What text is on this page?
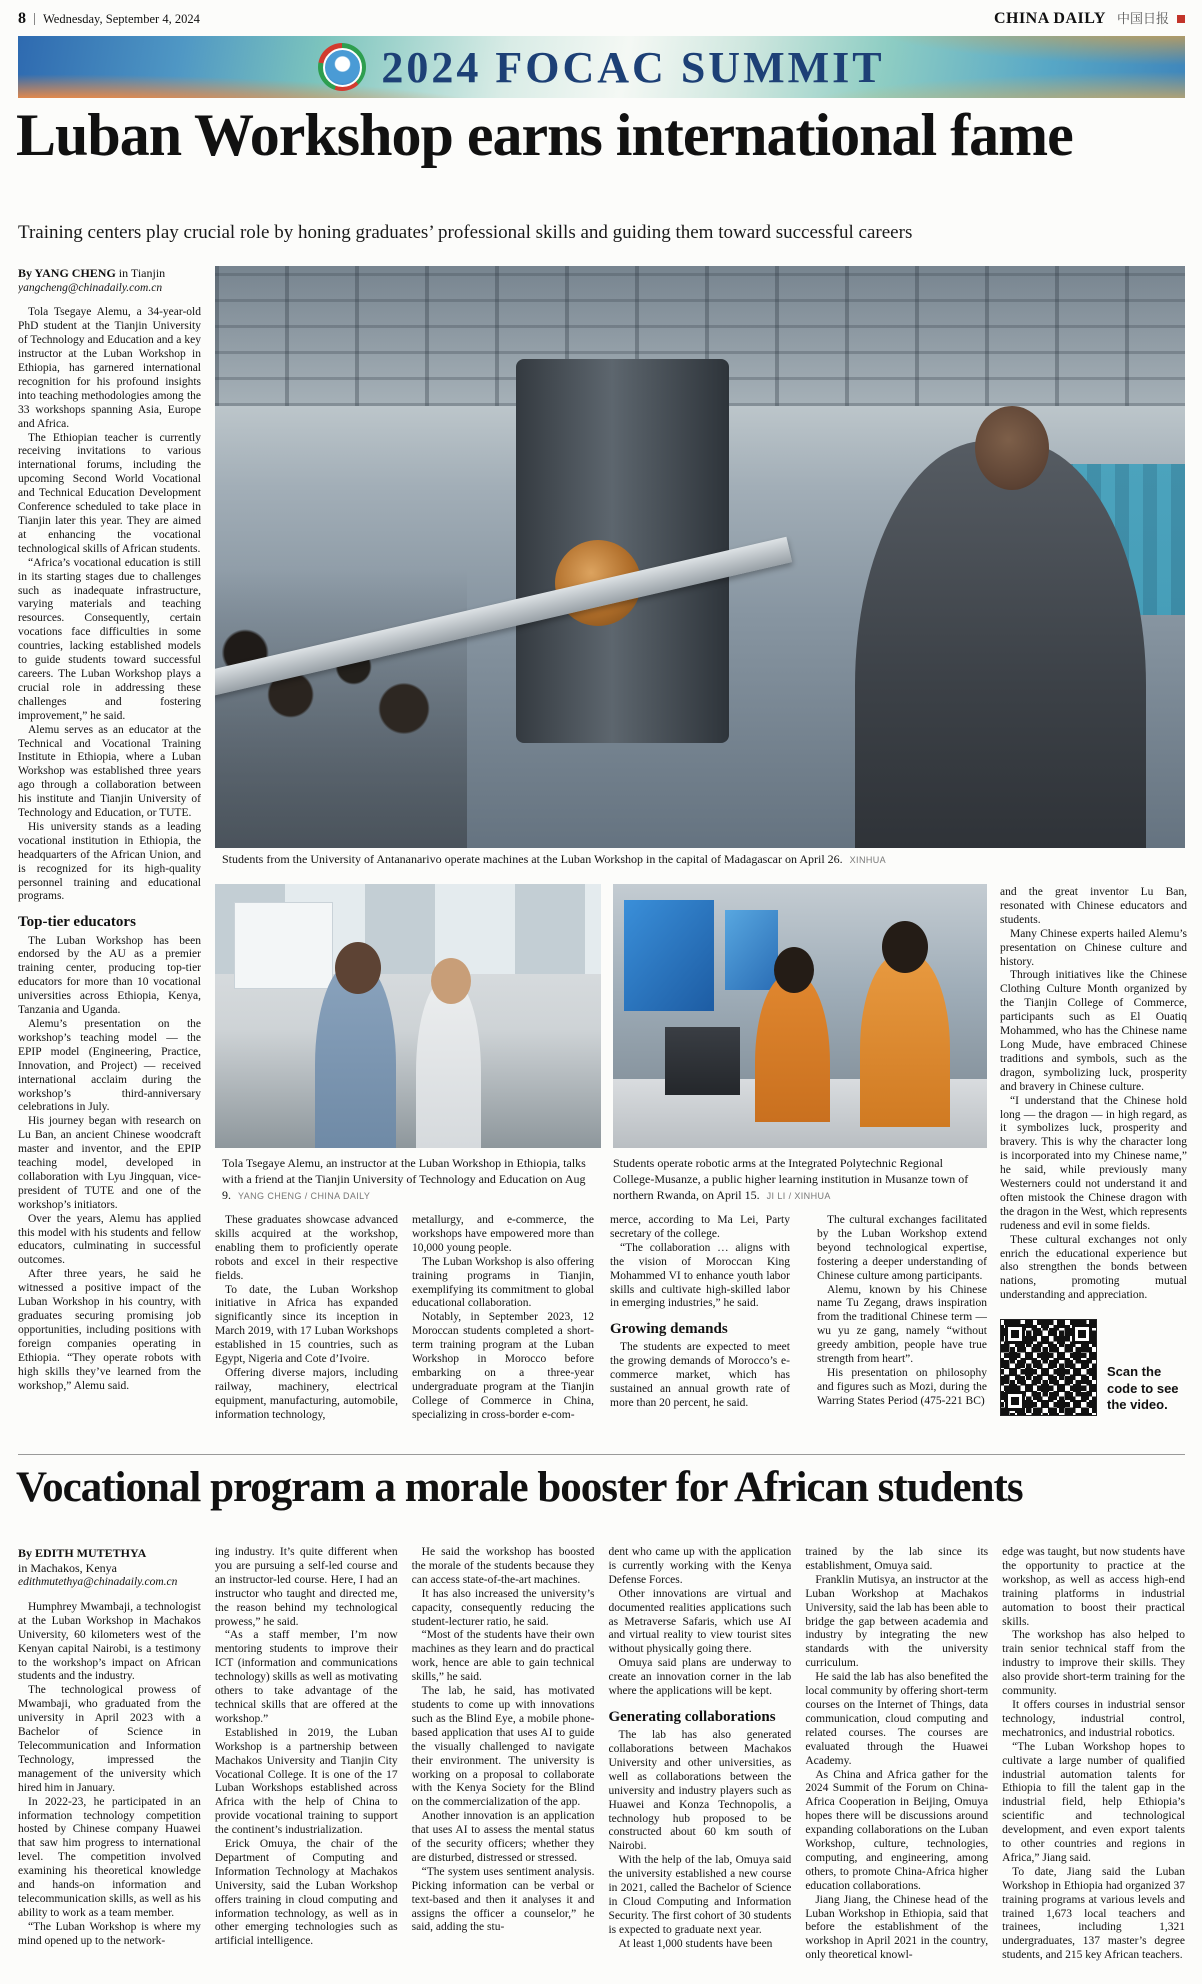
8 Wednesday, September 4, 2024	CHINA DAILY 中国日报
2024 FOCAC SUMMIT
Luban Workshop earns international fame

Training centers play crucial role by honing graduates’ professional skills and guiding them toward successful careers

By YANG CHENG in Tianjin
yangcheng@chinadaily.com.cn

Tola Tsegaye Alemu, a 34-year-old PhD student at the Tianjin University of Technology and Education and a key instructor at the Luban Workshop in Ethiopia, has garnered international recognition for his profound insights into teaching methodologies among the 33 workshops spanning Asia, Europe and Africa.

The Ethiopian teacher is currently receiving invitations to various international forums, including the upcoming Second World Vocational and Technical Education Development Conference scheduled to take place in Tianjin later this year. They are aimed at enhancing the vocational technological skills of African students.

“Africa’s vocational education is still in its starting stages due to challenges such as inadequate infrastructure, varying materials and teaching resources. Consequently, certain vocations face difficulties in some countries, lacking established models to guide students toward successful careers. The Luban Workshop plays a crucial role in addressing these challenges and fostering improvement,” he said.

Alemu serves as an educator at the Technical and Vocational Training Institute in Ethiopia, where a Luban Workshop was established three years ago through a collaboration between his institute and Tianjin University of Technology and Education, or TUTE.

His university stands as a leading vocational institution in Ethiopia, the headquarters of the African Union, and is recognized for its high-quality personnel training and educational programs.

Top-tier educators

The Luban Workshop has been endorsed by the AU as a premier training center, producing top-tier educators for more than 10 vocational universities across Ethiopia, Kenya, Tanzania and Uganda.

Alemu’s presentation on the workshop’s teaching model — the EPIP model (Engineering, Practice, Innovation, and Project) — received international acclaim during the workshop’s third-anniversary celebrations in July.

His journey began with research on Lu Ban, an ancient Chinese woodcraft master and inventor, and the EPIP teaching model, developed in collaboration with Lyu Jingquan, vice-president of TUTE and one of the workshop’s initiators.

Over the years, Alemu has applied this model with his students and fellow educators, culminating in successful outcomes.

After three years, he said he witnessed a positive impact of the Luban Workshop in his country, with graduates securing promising job opportunities, including positions with foreign companies operating in Ethiopia. “They operate robots with high skills they’ve learned from the workshop,” Alemu said.

Students from the University of Antananarivo operate machines at the Luban Workshop in the capital of Madagascar on April 26. XINHUA
Tola Tsegaye Alemu, an instructor at the Luban Workshop in Ethiopia, talks with a friend at the Tianjin University of Technology and Education on Aug 9. YANG CHENG / CHINA DAILY
Students operate robotic arms at the Integrated Polytechnic Regional College-Musanze, a public higher learning institution in Musanze town of northern Rwanda, on April 15. JI LI / XINHUA

and the great inventor Lu Ban, resonated with Chinese educators and students.

Many Chinese experts hailed Alemu’s presentation on Chinese culture and history.

Through initiatives like the Chinese Clothing Culture Month organized by the Tianjin College of Commerce, participants such as El Ouatiq Mohammed, who has the Chinese name Long Mude, have embraced Chinese traditions and symbols, such as the dragon, symbolizing luck, prosperity and bravery in Chinese culture.

“I understand that the Chinese hold long — the dragon — in high regard, as it symbolizes luck, prosperity and bravery. This is why the character long is incorporated into my Chinese name,” he said, while previously many Westerners could not understand it and often mistook the Chinese dragon with the dragon in the West, which represents rudeness and evil in some fields.

These cultural exchanges not only enrich the educational experience but also strengthen the bonds between nations, promoting mutual understanding and appreciation.

Scan the code to see the video.

These graduates showcase advanced skills acquired at the workshop, enabling them to proficiently operate robots and excel in their respective fields.

To date, the Luban Workshop initiative in Africa has expanded significantly since its inception in March 2019, with 17 Luban Workshops established in 15 countries, such as Egypt, Nigeria and Cote d’Ivoire.

Offering diverse majors, including railway, machinery, electrical equipment, manufacturing, automobile, information technology,

metallurgy, and e-commerce, the workshops have empowered more than 10,000 young people.

The Luban Workshop is also offering training programs in Tianjin, exemplifying its commitment to global educational collaboration.

Notably, in September 2023, 12 Moroccan students completed a short-term training program at the Luban Workshop in Morocco before embarking on a three-year undergraduate program at the Tianjin College of Commerce in China, specializing in cross-border e-com-

merce, according to Ma Lei, Party secretary of the college.

“The collaboration … aligns with the vision of Moroccan King Mohammed VI to enhance youth labor skills and cultivate high-skilled labor in emerging industries,” he said.

Growing demands

The students are expected to meet the growing demands of Morocco’s e-commerce market, which has sustained an annual growth rate of more than 20 percent, he said.

The cultural exchanges facilitated by the Luban Workshop extend beyond technological expertise, fostering a deeper understanding of Chinese culture among participants.

Alemu, known by his Chinese name Tu Zegang, draws inspiration from the traditional Chinese term — wu yu ze gang, namely “without greedy ambition, people have true strength from heart”.

His presentation on philosophy and figures such as Mozi, during the Warring States Period (475-221 BC)

Vocational program a morale booster for African students
By EDITH MUTETHYA
in Machakos, Kenya
edithmutethya@chinadaily.com.cn

Humphrey Mwambaji, a technologist at the Luban Workshop in Machakos University, 60 kilometers west of the Kenyan capital Nairobi, is a testimony to the workshop’s impact on African students and the industry.

The technological prowess of Mwambaji, who graduated from the university in April 2023 with a Bachelor of Science in Telecommunication and Information Technology, impressed the management of the university which hired him in January.

In 2022-23, he participated in an information technology competition hosted by Chinese company Huawei that saw him progress to international level. The competition involved examining his theoretical knowledge and hands-on information and telecommunication skills, as well as his ability to work as a team member.

“The Luban Workshop is where my mind opened up to the network-

ing industry. It’s quite different when you are pursuing a self-led course and an instructor-led course. Here, I had an instructor who taught and directed me, the reason behind my technological prowess,” he said.

“As a staff member, I’m now mentoring students to improve their ICT (information and communications technology) skills as well as motivating others to take advantage of the technical skills that are offered at the workshop.”

Established in 2019, the Luban Workshop is a partnership between Machakos University and Tianjin City Vocational College. It is one of the 17 Luban Workshops established across Africa with the help of China to provide vocational training to support the continent’s industrialization.

Erick Omuya, the chair of the Department of Computing and Information Technology at Machakos University, said the Luban Workshop offers training in cloud computing and information technology, as well as in other emerging technologies such as artificial intelligence.

He said the workshop has boosted the morale of the students because they can access state-of-the-art machines.

It has also increased the university’s capacity, consequently reducing the student-lecturer ratio, he said.

“Most of the students have their own machines as they learn and do practical work, hence are able to gain technical skills,” he said.

The lab, he said, has motivated students to come up with innovations such as the Blind Eye, a mobile phone-based application that uses AI to guide the visually challenged to navigate their environment. The university is working on a proposal to collaborate with the Kenya Society for the Blind on the commercialization of the app.

Another innovation is an application that uses AI to assess the mental status of the security officers; whether they are disturbed, distressed or stressed.

“The system uses sentiment analysis. Picking information can be verbal or text-based and then it analyses it and assigns the officer a counselor,” he said, adding the stu-

dent who came up with the application is currently working with the Kenya Defense Forces.

Other innovations are virtual and documented realities applications such as Metraverse Safaris, which use AI and virtual reality to view tourist sites without physically going there.

Omuya said plans are underway to create an innovation corner in the lab where the applications will be kept.

Generating collaborations

The lab has also generated collaborations between Machakos University and other universities, as well as collaborations between the university and industry players such as Huawei and Konza Technopolis, a technology hub proposed to be constructed about 60 km south of Nairobi.

With the help of the lab, Omuya said the university established a new course in 2021, called the Bachelor of Science in Cloud Computing and Information Security. The first cohort of 30 students is expected to graduate next year.

At least 1,000 students have been

trained by the lab since its establishment, Omuya said.

Franklin Mutisya, an instructor at the Luban Workshop at Machakos University, said the lab has been able to bridge the gap between academia and industry by integrating the new standards with the university curriculum.

He said the lab has also benefited the local community by offering short-term courses on the Internet of Things, data communication, cloud computing and related courses. The courses are evaluated through the Huawei Academy.

As China and Africa gather for the 2024 Summit of the Forum on China-Africa Cooperation in Beijing, Omuya hopes there will be discussions around expanding collaborations on the Luban Workshop, culture, technologies, computing, and engineering, among others, to promote China-Africa higher education collaborations.

Jiang Jiang, the Chinese head of the Luban Workshop in Ethiopia, said that before the establishment of the workshop in April 2021 in the country, only theoretical knowl-

edge was taught, but now students have the opportunity to practice at the workshop, as well as access high-end training platforms in industrial automation to boost their practical skills.

The workshop has also helped to train senior technical staff from the industry to improve their skills. They also provide short-term training for the community.

It offers courses in industrial sensor technology, industrial control, mechatronics, and industrial robotics.

“The Luban Workshop hopes to cultivate a large number of qualified industrial automation talents for Ethiopia to fill the talent gap in the industrial field, help Ethiopia’s scientific and technological development, and even export talents to other countries and regions in Africa,” Jiang said.

To date, Jiang said the Luban Workshop in Ethiopia had organized 37 training programs at various levels and trained 1,673 local teachers and trainees, including 1,321 undergraduates, 137 master’s degree students, and 215 key African teachers.
